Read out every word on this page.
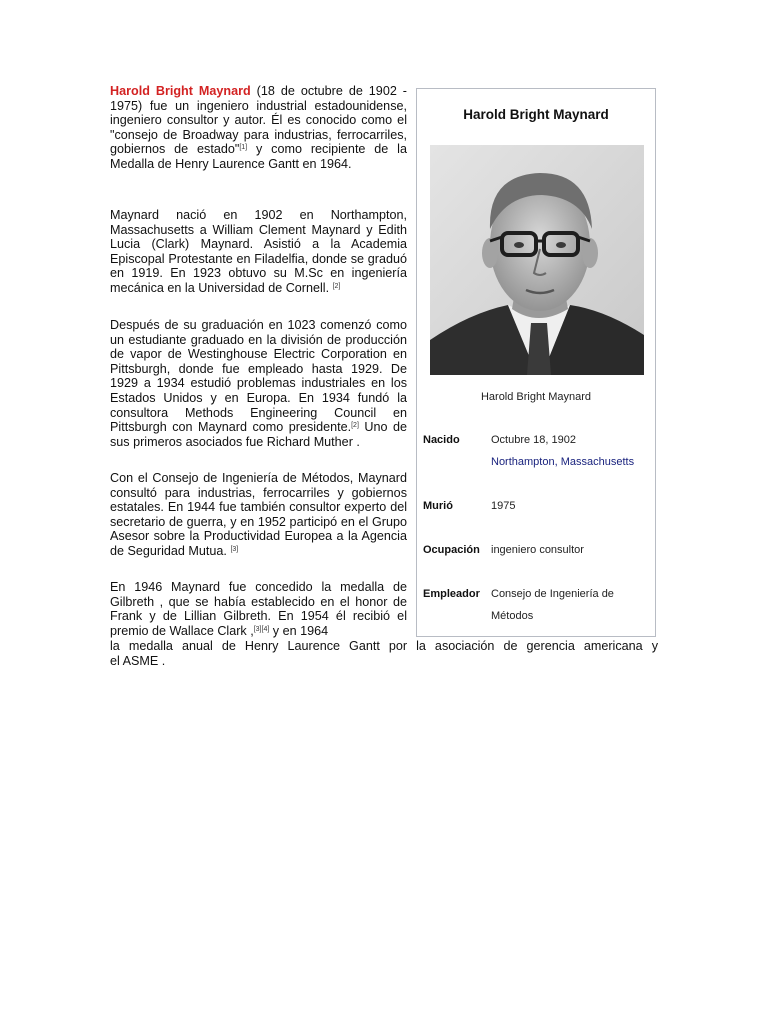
Harold Bright Maynard (18 de octubre de 1902 - 1975) fue un ingeniero industrial estadounidense, ingeniero consultor y autor. Él es conocido como el "consejo de Broadway para industrias, ferrocarriles, gobiernos de estado"[1] y como recipiente de la Medalla de Henry Laurence Gantt en 1964.

Maynard nació en 1902 en Northampton, Massachusetts a William Clement Maynard y Edith Lucia (Clark) Maynard. Asistió a la Academia Episcopal Protestante en Filadelfia, donde se graduó en 1919. En 1923 obtuvo su M.Sc en ingeniería mecánica en la Universidad de Cornell. [2]

Después de su graduación en 1023 comenzó como un estudiante graduado en la división de producción de vapor de Westinghouse Electric Corporation en Pittsburgh, donde fue empleado hasta 1929. De 1929 a 1934 estudió problemas industriales en los Estados Unidos y en Europa. En 1934 fundó la consultora Methods Engineering Council en Pittsburgh con Maynard como presidente.[2] Uno de sus primeros asociados fue Richard Muther .

Con el Consejo de Ingeniería de Métodos, Maynard consultó para industrias, ferrocarriles y gobiernos estatales. En 1944 fue también consultor experto del secretario de guerra, y en 1952 participó en el Grupo Asesor sobre la Productividad Europea a la Agencia de Seguridad Mutua. [3]

En 1946 Maynard fue concedido la medalla de Gilbreth , que se había establecido en el honor de Frank y de Lillian Gilbreth. En 1954 él recibió el premio de Wallace Clark ,[3][4] y en 1964

la medalla anual de Henry Laurence Gantt por la asociación de gerencia americana y
el ASME .
Harold Bright Maynard
Harold Bright Maynard
Nacido	Octubre 18, 1902
Northampton, Massachusetts
Murió	1975
Ocupación ingeniero consultor
Empleador Consejo de Ingeniería de
Métodos
